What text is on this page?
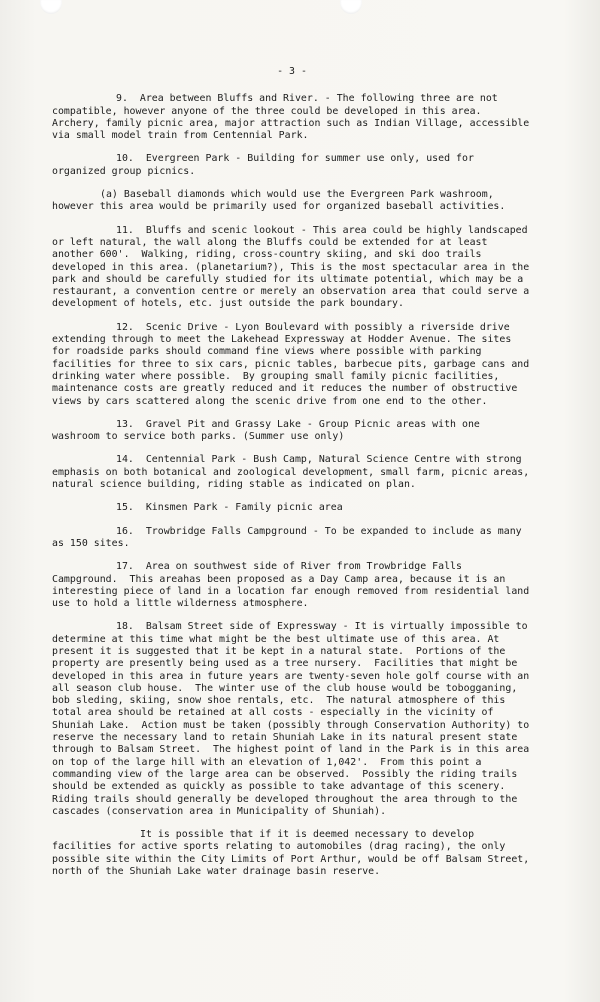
- 3 -

9.  Area between Bluffs and River. - The following three are not compatible, however anyone of the three could be developed in this area.  Archery, family picnic area, major attraction such as Indian Village, accessible via small model train from Centennial Park.

10.  Evergreen Park - Building for summer use only, used for organized group picnics.

(a) Baseball diamonds which would use the Evergreen Park washroom, however this area would be primarily used for organized baseball activities.

11.  Bluffs and scenic lookout - This area could be highly landscaped or left natural, the wall along the Bluffs could be extended for at least another 600'.  Walking, riding, cross-country skiing, and ski doo trails developed in this area. (planetarium?), This is the most spectacular area in the park and should be carefully studied for its ultimate potential, which may be a restaurant, a convention centre or merely an observation area that could serve a development of hotels, etc. just outside the park boundary.

12.  Scenic Drive - Lyon Boulevard with possibly a riverside drive extending through to meet the Lakehead Expressway at Hodder Avenue. The sites for roadside parks should command fine views where possible with parking facilities for three to six cars, picnic tables, barbecue pits, garbage cans and drinking water where possible.  By grouping small family picnic facilities, maintenance costs are greatly reduced and it reduces the number of obstructive views by cars scattered along the scenic drive from one end to the other.

13.  Gravel Pit and Grassy Lake - Group Picnic areas with one washroom to service both parks. (Summer use only)

14.  Centennial Park - Bush Camp, Natural Science Centre with strong emphasis on both botanical and zoological development, small farm, picnic areas, natural science building, riding stable as indicated on plan.

15.  Kinsmen Park - Family picnic area

16.  Trowbridge Falls Campground - To be expanded to include as many as 150 sites.

17.  Area on southwest side of River from Trowbridge Falls Campground.  This areahas been proposed as a Day Camp area, because it is an interesting piece of land in a location far enough removed from residential land use to hold a little wilderness atmosphere.

18.  Balsam Street side of Expressway - It is virtually impossible to determine at this time what might be the best ultimate use of this area. At present it is suggested that it be kept in a natural state.  Portions of the property are presently being used as a tree nursery.  Facilities that might be developed in this area in future years are twenty-seven hole golf course with an all season club house.  The winter use of the club house would be tobogganing, bob sleding, skiing, snow shoe rentals, etc.  The natural atmosphere of this total area should be retained at all costs - especially in the vicinity of Shuniah Lake.  Action must be taken (possibly through Conservation Authority) to reserve the necessary land to retain Shuniah Lake in its natural present state through to Balsam Street.  The highest point of land in the Park is in this area on top of the large hill with an elevation of 1,042'.  From this point a commanding view of the large area can be observed.  Possibly the riding trails should be extended as quickly as possible to take advantage of this scenery.  Riding trails should generally be developed throughout the area through to the cascades (conservation area in Municipality of Shuniah).

It is possible that if it is deemed necessary to develop facilities for active sports relating to automobiles (drag racing), the only possible site within the City Limits of Port Arthur, would be off Balsam Street, north of the Shuniah Lake water drainage basin reserve.
